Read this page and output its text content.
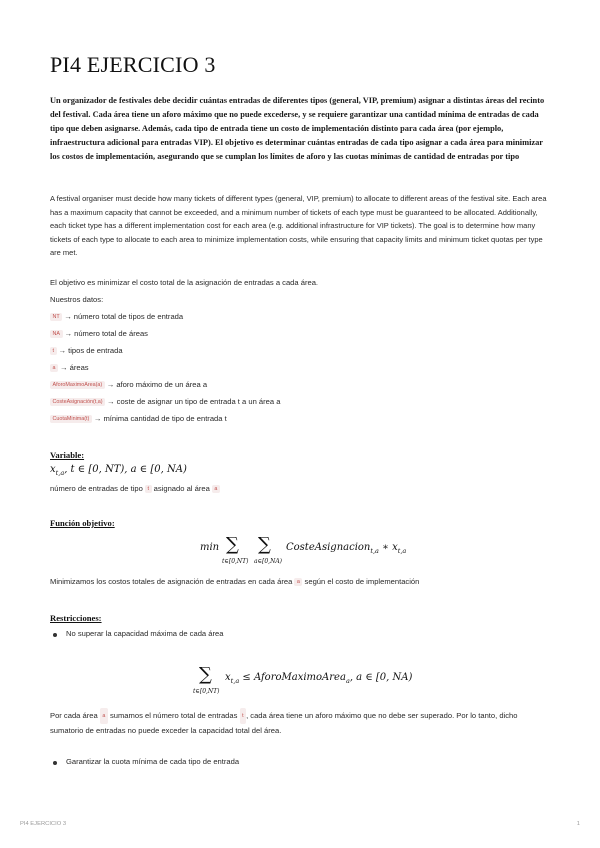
PI4 EJERCICIO 3

Un organizador de festivales debe decidir cuántas entradas de diferentes tipos (general, VIP, premium) asignar a distintas áreas del recinto del festival. Cada área tiene un aforo máximo que no puede excederse, y se requiere garantizar una cantidad mínima de entradas de cada tipo que deben asignarse. Además, cada tipo de entrada tiene un costo de implementación distinto para cada área (por ejemplo, infraestructura adicional para entradas VIP). El objetivo es determinar cuántas entradas de cada tipo asignar a cada área para minimizar los costos de implementación, asegurando que se cumplan los límites de aforo y las cuotas mínimas de cantidad de entradas por tipo

A festival organiser must decide how many tickets of different types (general, VIP, premium) to allocate to different areas of the festival site. Each area has a maximum capacity that cannot be exceeded, and a minimum number of tickets of each type must be guaranteed to be allocated. Additionally, each ticket type has a different implementation cost for each area (e.g. additional infrastructure for VIP tickets). The goal is to determine how many tickets of each type to allocate to each area to minimize implementation costs, while ensuring that capacity limits and minimum ticket quotas per type are met.

El objetivo es minimizar el costo total de la asignación de entradas a cada área.
Nuestros datos:
NT → número total de tipos de entrada
NA → número total de áreas
t → tipos de entrada
a → áreas
AforoMaximoArea(a) → aforo máximo de un área a
CosteAsignación(t,a) → coste de asignar un tipo de entrada t a un área a
CuotaMinima(t) → mínima cantidad de tipo de entrada t
Variable:
$x_{t,a}$, t ∈ [0, NT), a ∈ [0, NA)
número de entradas de tipo t asignado al área a
Función objetivo:
min ∑
t∈[0,NT)
∑
a∈[0,NA)
CosteAsignacion$_{t,a}$ ∗ $x_{t,a}$
Minimizamos los costos totales de asignación de entradas en cada área a según el costo de implementación
Restricciones:
No superar la capacidad máxima de cada área
∑
t∈[0,NT)
$x_{t,a}$ ≤ AforoMaximoArea$_a$, a ∈ [0, NA)

Por cada área a sumamos el número total de entradas t , cada área tiene un aforo máximo que no debe ser superado. Por lo tanto, dicho sumatorio de entradas no puede exceder la capacidad total del área.

Garantizar la cuota mínima de cada tipo de entrada
PI4 EJERCICIO 3	1
